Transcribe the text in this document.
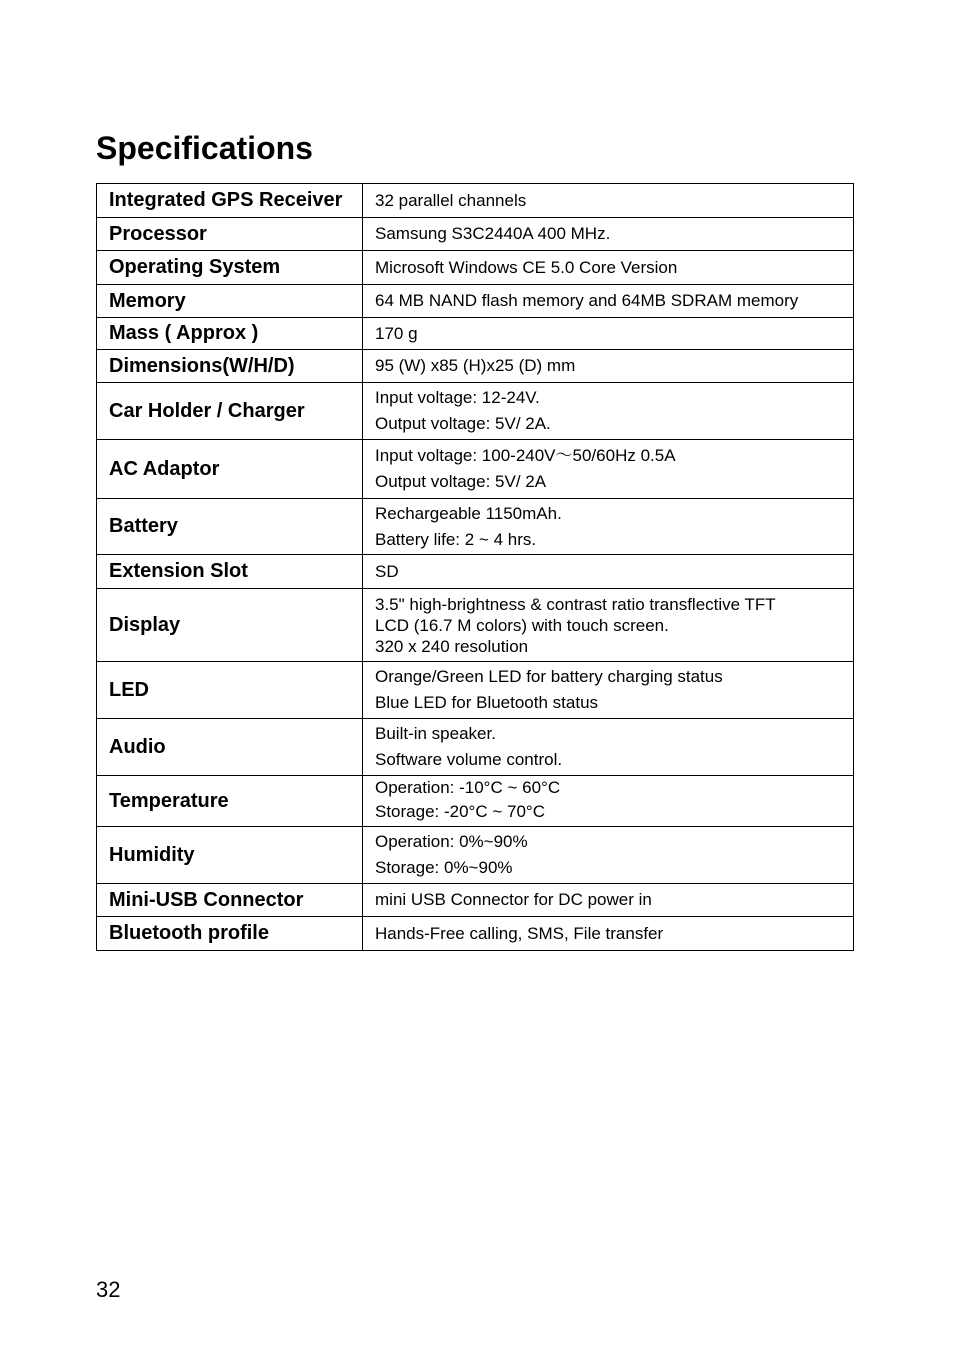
Specifications
Integrated GPS Receiver	32 parallel channels

Processor	Samsung S3C2440A 400 MHz.

Operating System	Microsoft Windows CE 5.0 Core Version

Memory	64 MB NAND flash memory and 64MB SDRAM memory

Mass ( Approx )	170 g

Dimensions(W/H/D)	95 (W) x85 (H)x25 (D) mm

Car Holder / Charger	Input voltage: 12-24V.
Output voltage: 5V/ 2A.

AC Adaptor	Input voltage: 100-240V～50/60Hz 0.5A
Output voltage: 5V/ 2A

Battery	Rechargeable 1150mAh.
Battery life: 2 ~ 4 hrs.

Extension Slot	SD

Display	3.5" high-brightness & contrast ratio transflective TFT
LCD (16.7 M colors) with touch screen.
320 x 240 resolution

LED	Orange/Green LED for battery charging status
Blue LED for Bluetooth status

Audio	Built-in speaker.
Software volume control.

Temperature	Operation: -10°C ~ 60°C
Storage: -20°C ~ 70°C

Humidity	Operation: 0%~90%
Storage: 0%~90%

Mini-USB Connector	mini USB Connector for DC power in

Bluetooth profile	Hands-Free calling, SMS, File transfer
32
